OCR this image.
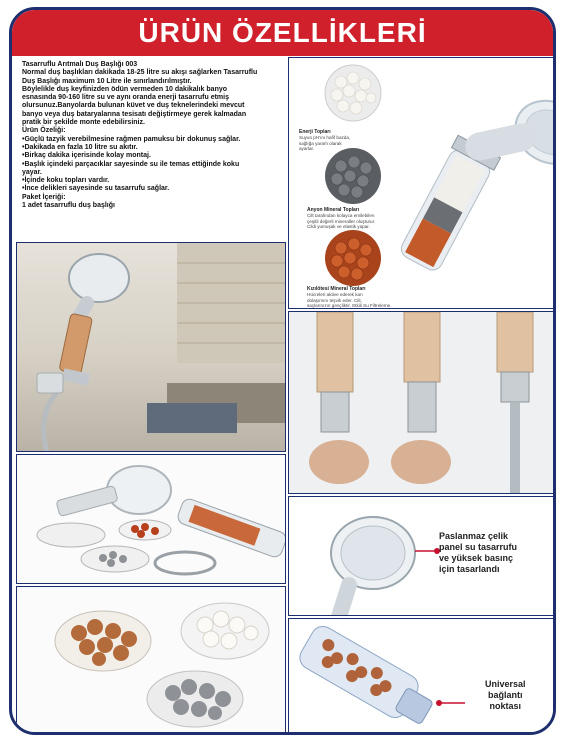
ÜRÜN ÖZELLİKLERİ

Tasarruflu Arıtmalı Duş Başlığı 003

Normal duş başlıkları dakikada 18-25 litre su akışı sağlarken Tasarruflu

Duş Başlığı maximum 10 Litre ile sınırlandırılmıştır.

Böylelikle duş keyfinizden ödün vermeden 10 dakikalık banyo

esnasında 90-160 litre su ve aynı oranda enerji tasarrufu etmiş

olursunuz.Banyolarda bulunan küvet ve duş teknelerindeki mevcut

banyo veya duş bataryalarına tesisatı değiştirmeye gerek kalmadan

pratik bir şekilde monte edebilirsiniz.

Ürün Özeliği:

•Güçlü tazyik verebilmesine rağmen pamuksu bir dokunuş sağlar.

•Dakikada en fazla 10 litre su akıtır.

•Birkaç dakika içerisinde kolay montaj.

•Başlık içindeki parçacıklar sayesinde su ile temas ettiğinde koku

yayar.

•İçinde koku topları vardır.

•İnce delikleri sayesinde su tasarrufu sağlar.

Paket İçeriği:

1 adet tasarruflu duş başlığı

Enerji Topları
Suyun pH'ını hafif bazda,
sağlığa yararlı olarak
ayarlar.
Anyon Mineral Topları
Cilt tarafından kolayca emilebilen
çeşitli değerli mineraller oluşturur.
Cildi yumuşak ve elastik yapar.
Kızılötesi Mineral Topları
Hücreleri aktive ederek kan
dolaşımını teşvik eder. Cilt,
saçlarınızın gençliktir. Etkili Su Filtreleme.
Paslanmaz çelik
panel su tasarrufu
ve yüksek basınç
için tasarlandı
Universal
bağlantı
noktası
